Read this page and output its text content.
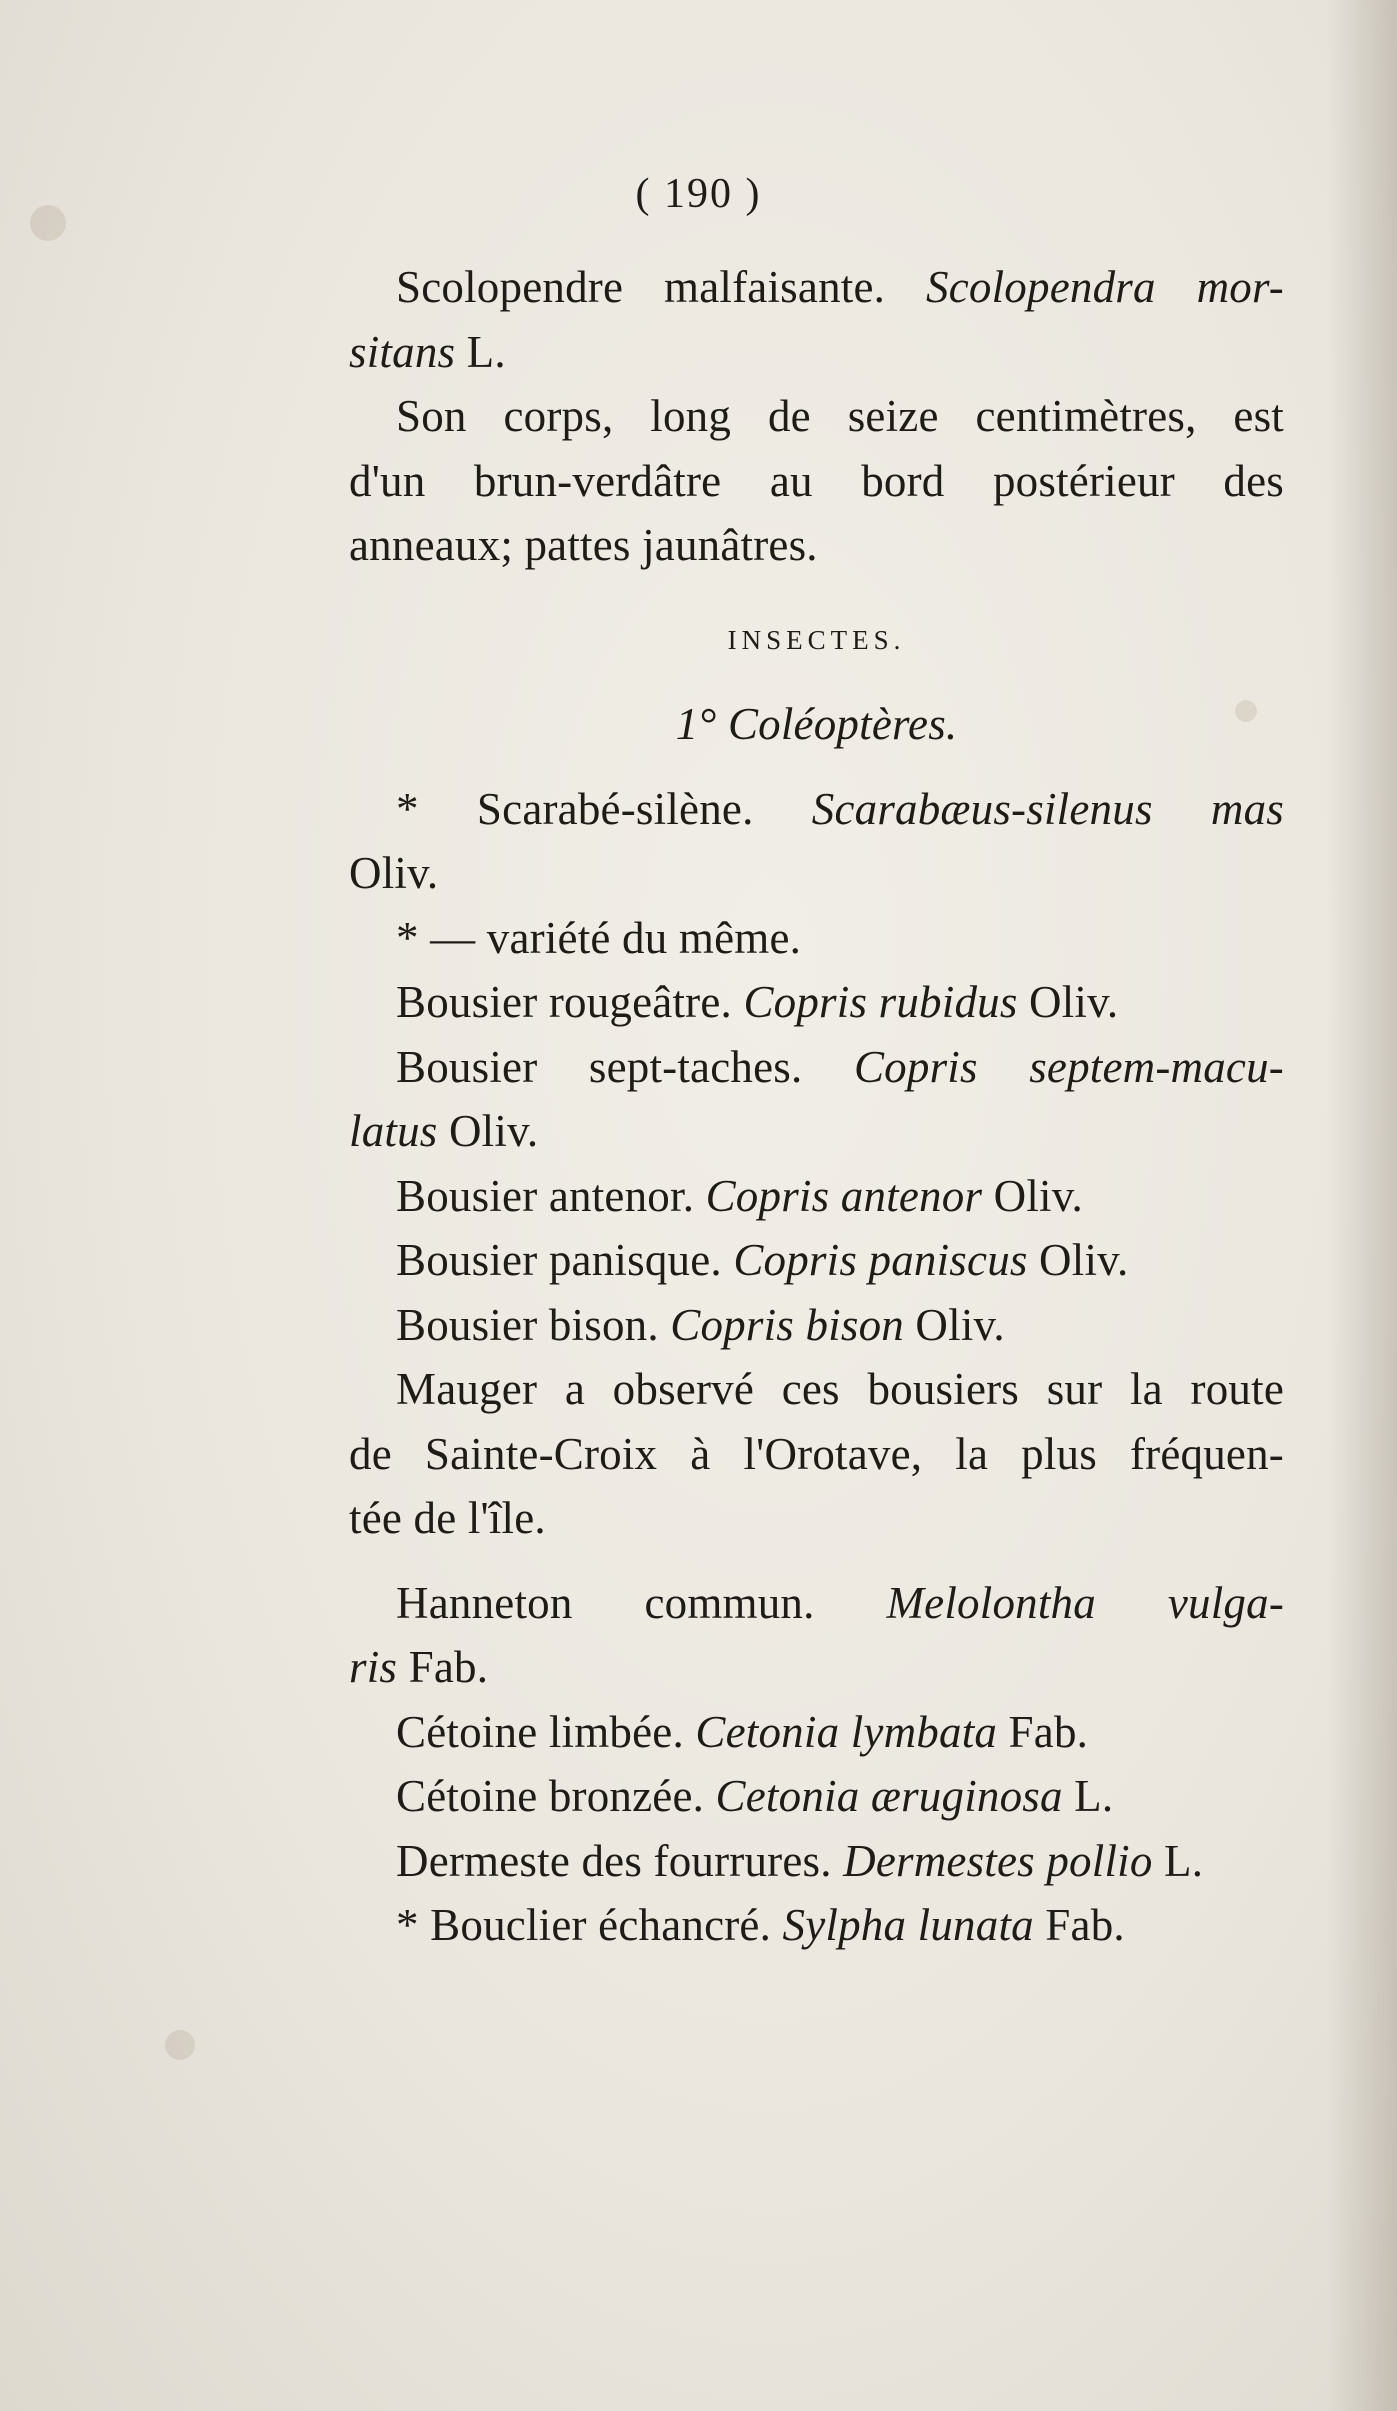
( 190 )
Scolopendre malfaisante. Scolopendra mor-
sitans L.
Son corps, long de seize centimètres, est
d'un brun-verdâtre au bord postérieur des
anneaux; pattes jaunâtres.
INSECTES.
1° Coléoptères.
* Scarabé-silène. Scarabæus-silenus mas
Oliv.
* — variété du même.
Bousier rougeâtre. Copris rubidus Oliv.
Bousier sept-taches. Copris septem-macu-
latus Oliv.
Bousier antenor. Copris antenor Oliv.
Bousier panisque. Copris paniscus Oliv.
Bousier bison. Copris bison Oliv.
Mauger a observé ces bousiers sur la route
de Sainte-Croix à l'Orotave, la plus fréquen-
tée de l'île.
Hanneton commun. Melolontha vulga-
ris Fab.
Cétoine limbée. Cetonia lymbata Fab.
Cétoine bronzée. Cetonia æruginosa L.
Dermeste des fourrures. Dermestes pollio L.
* Bouclier échancré. Sylpha lunata Fab.
